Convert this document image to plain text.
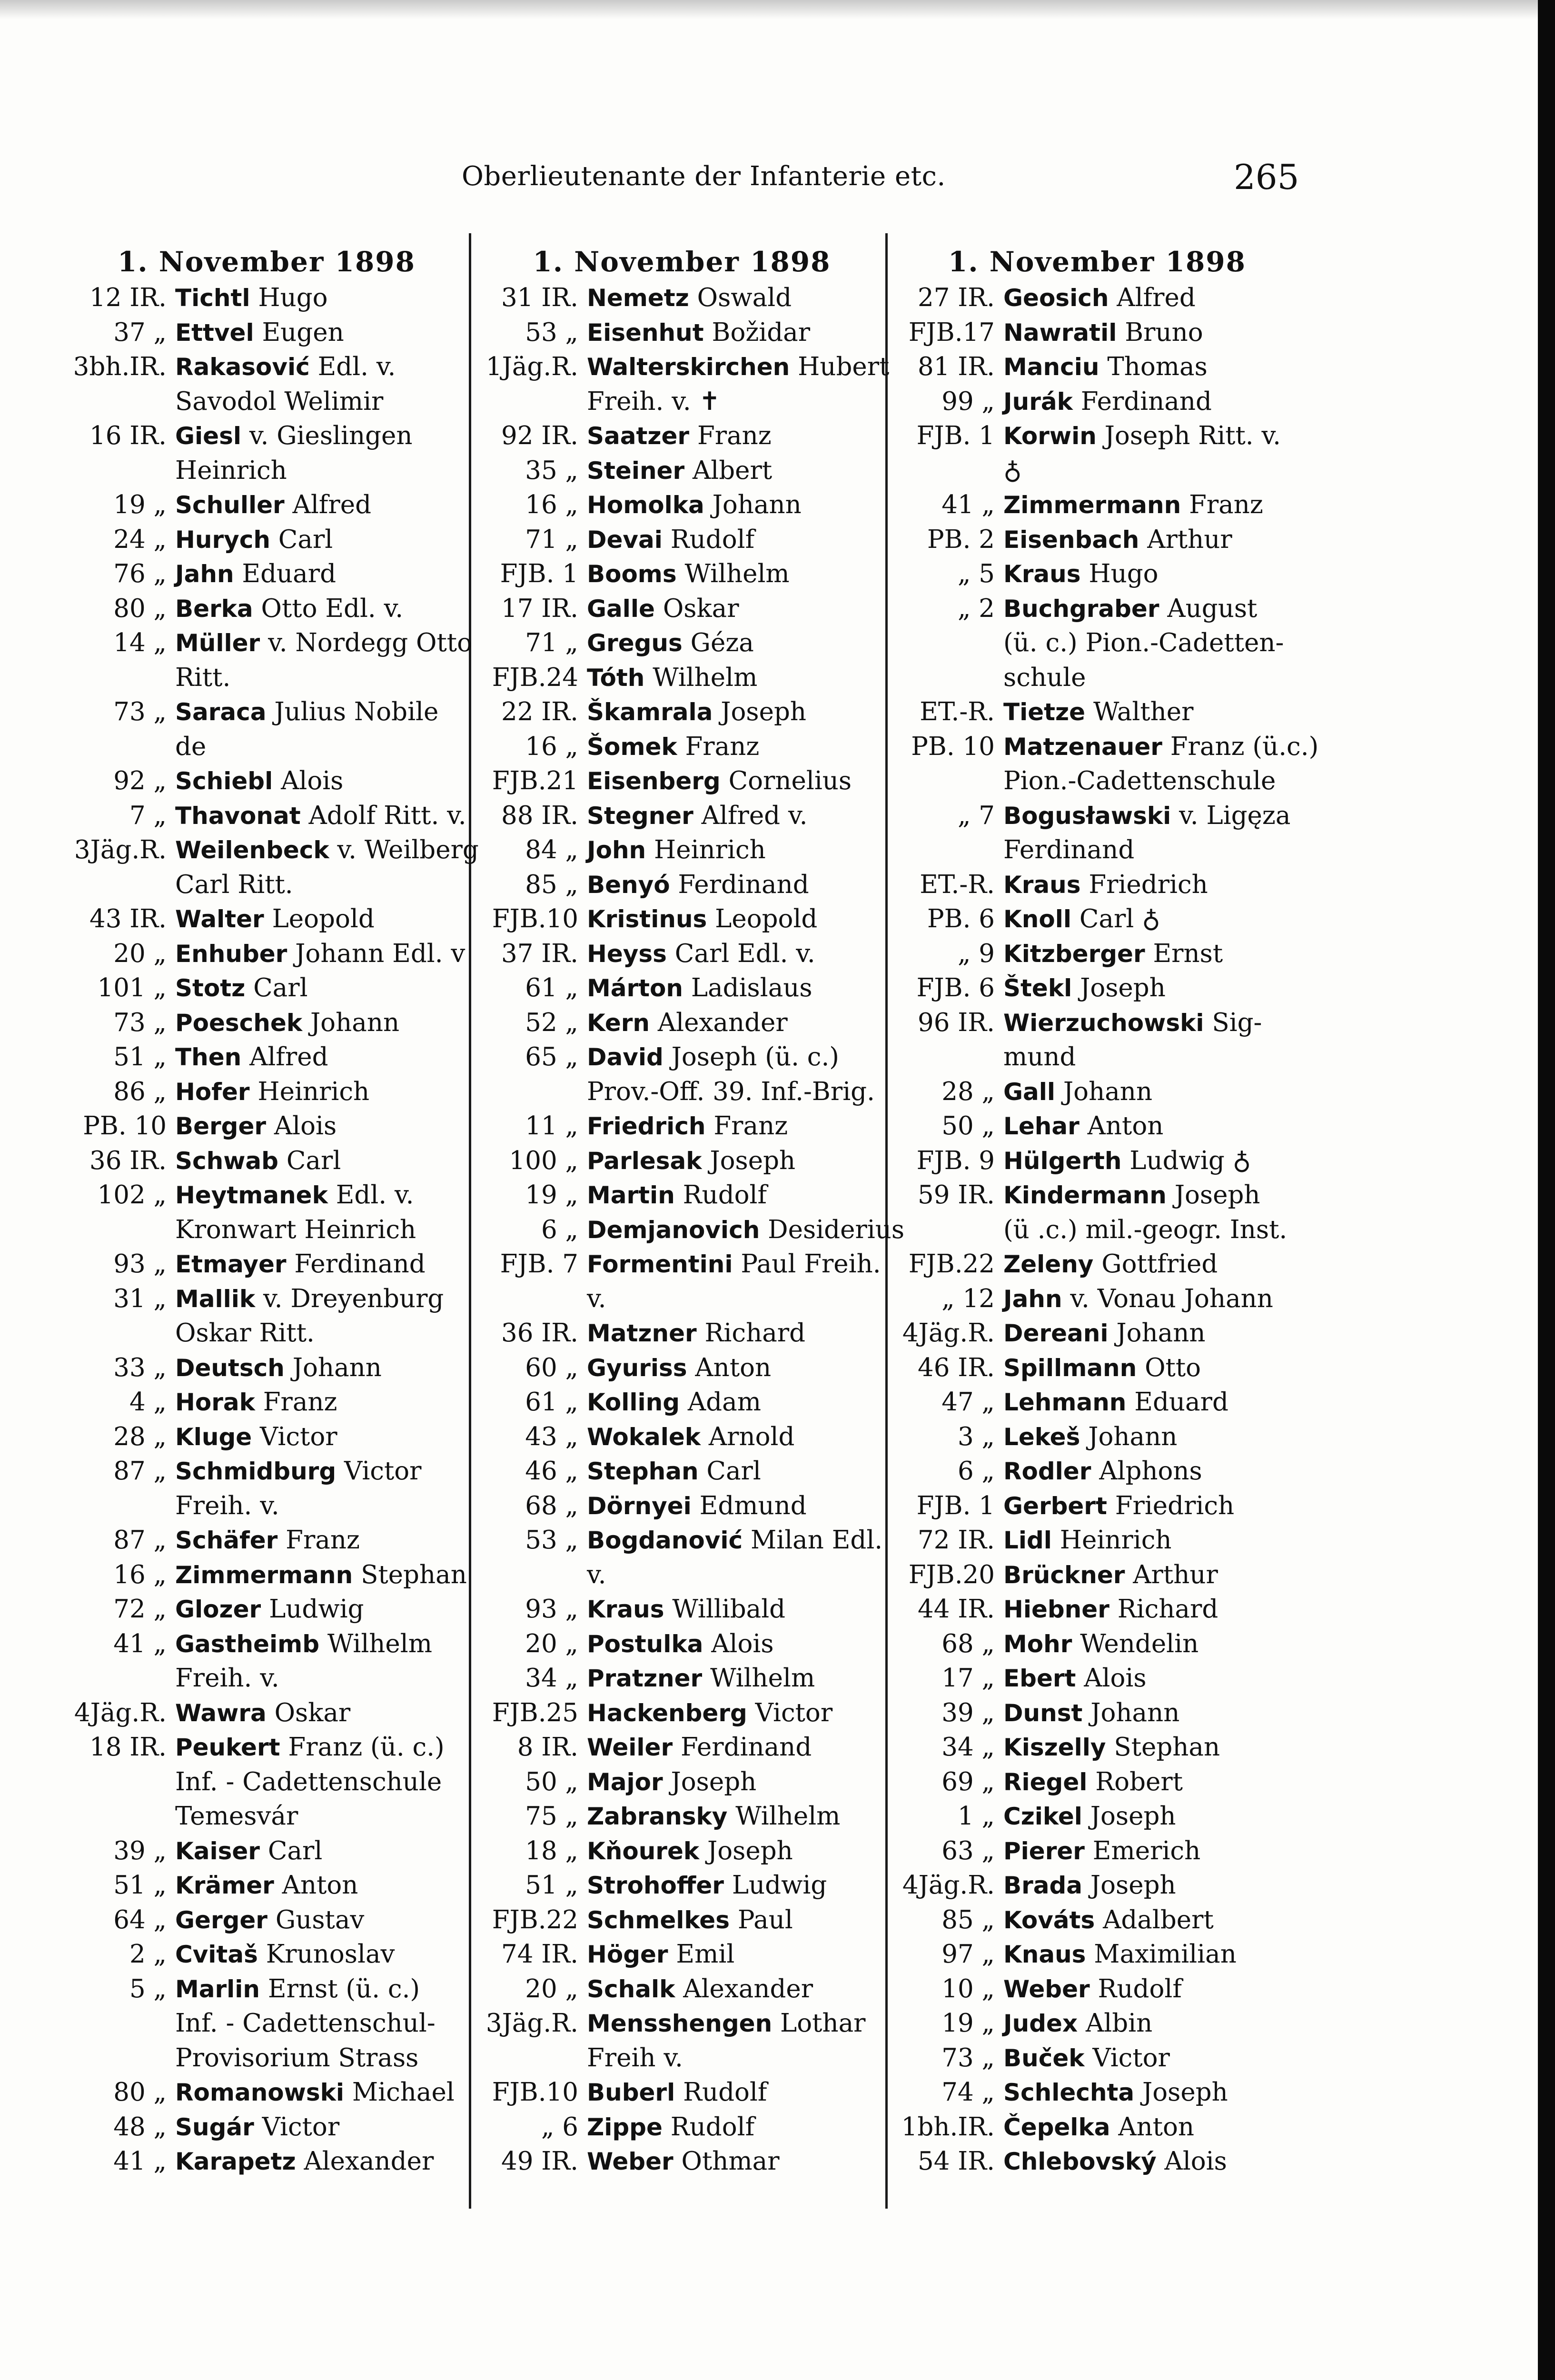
Oberlieutenante der Infanterie etc.	265
1. November 1898
12 IR. Tichtl Hugo
37 „ Ettvel Eugen
3bh.IR. Rakasović Edl. v.
Savodol Welimir
16 IR. Giesl v. Gieslingen
Heinrich
19 „ Schuller Alfred
24 „ Hurych Carl
76 „ Jahn Eduard
80 „ Berka Otto Edl. v.
14 „ Müller v. Nordegg Otto
Ritt.
73 „ Saraca Julius Nobile
de
92 „ Schiebl Alois
7 „ Thavonat Adolf Ritt. v.
3Jäg.R. Weilenbeck v. Weilberg
Carl Ritt.
43 IR. Walter Leopold
20 „ Enhuber Johann Edl. v
101 „ Stotz Carl
73 „ Poeschek Johann
51 „ Then Alfred
86 „ Hofer Heinrich
PB. 10 Berger Alois
36 IR. Schwab Carl
102 „ Heytmanek Edl. v.
Kronwart Heinrich
93 „ Etmayer Ferdinand
31 „ Mallik v. Dreyenburg
Oskar Ritt.
33 „ Deutsch Johann
4 „ Horak Franz
28 „ Kluge Victor
87 „ Schmidburg Victor
Freih. v.
87 „ Schäfer Franz
16 „ Zimmermann Stephan
72 „ Glozer Ludwig
41 „ Gastheimb Wilhelm
Freih. v.
4Jäg.R. Wawra Oskar
18 IR. Peukert Franz (ü. c.)
Inf. - Cadettenschule
Temesvár
39 „ Kaiser Carl
51 „ Krämer Anton
64 „ Gerger Gustav
2 „ Cvitaš Krunoslav
5 „ Marlin Ernst (ü. c.)
Inf. - Cadettenschul-
Provisorium Strass
80 „ Romanowski Michael
48 „ Sugár Victor
41 „ Karapetz Alexander
1. November 1898
31 IR. Nemetz Oswald
53 „ Eisenhut Božidar
1Jäg.R. Walterskirchen Hubert
Freih. v. ✝
92 IR. Saatzer Franz
35 „ Steiner Albert
16 „ Homolka Johann
71 „ Devai Rudolf
FJB. 1 Booms Wilhelm
17 IR. Galle Oskar
71 „ Gregus Géza
FJB.24 Tóth Wilhelm
22 IR. Škamrala Joseph
16 „ Šomek Franz
FJB.21 Eisenberg Cornelius
88 IR. Stegner Alfred v.
84 „ John Heinrich
85 „ Benyó Ferdinand
FJB.10 Kristinus Leopold
37 IR. Heyss Carl Edl. v.
61 „ Márton Ladislaus
52 „ Kern Alexander
65 „ David Joseph (ü. c.)
Prov.-Off. 39. Inf.-Brig.
11 „ Friedrich Franz
100 „ Parlesak Joseph
19 „ Martin Rudolf
6 „ Demjanovich Desiderius
FJB. 7 Formentini Paul Freih.
v.
36 IR. Matzner Richard
60 „ Gyuriss Anton
61 „ Kolling Adam
43 „ Wokalek Arnold
46 „ Stephan Carl
68 „ Dörnyei Edmund
53 „ Bogdanović Milan Edl.
v.
93 „ Kraus Willibald
20 „ Postulka Alois
34 „ Pratzner Wilhelm
FJB.25 Hackenberg Victor
8 IR. Weiler Ferdinand
50 „ Major Joseph
75 „ Zabransky Wilhelm
18 „ Kňourek Joseph
51 „ Strohoffer Ludwig
FJB.22 Schmelkes Paul
74 IR. Höger Emil
20 „ Schalk Alexander
3Jäg.R. Mensshengen Lothar
Freih v.
FJB.10 Buberl Rudolf
„ 6 Zippe Rudolf
49 IR. Weber Othmar
1. November 1898
27 IR. Geosich Alfred
FJB.17 Nawratil Bruno
81 IR. Manciu Thomas
99 „ Jurák Ferdinand
FJB. 1 Korwin Joseph Ritt. v.
♁
41 „ Zimmermann Franz
PB. 2 Eisenbach Arthur
„ 5 Kraus Hugo
„ 2 Buchgraber August
(ü. c.) Pion.-Cadetten-
schule
ET.-R. Tietze Walther
PB. 10 Matzenauer Franz (ü.c.)
Pion.-Cadettenschule
„ 7 Bogusławski v. Ligęza
Ferdinand
ET.-R. Kraus Friedrich
PB. 6 Knoll Carl ♁
„ 9 Kitzberger Ernst
FJB. 6 Štekl Joseph
96 IR. Wierzuchowski Sig-
mund
28 „ Gall Johann
50 „ Lehar Anton
FJB. 9 Hülgerth Ludwig ♁
59 IR. Kindermann Joseph
(ü .c.) mil.-geogr. Inst.
FJB.22 Zeleny Gottfried
„ 12 Jahn v. Vonau Johann
4Jäg.R. Dereani Johann
46 IR. Spillmann Otto
47 „ Lehmann Eduard
3 „ Lekeš Johann
6 „ Rodler Alphons
FJB. 1 Gerbert Friedrich
72 IR. Lidl Heinrich
FJB.20 Brückner Arthur
44 IR. Hiebner Richard
68 „ Mohr Wendelin
17 „ Ebert Alois
39 „ Dunst Johann
34 „ Kiszelly Stephan
69 „ Riegel Robert
1 „ Czikel Joseph
63 „ Pierer Emerich
4Jäg.R. Brada Joseph
85 „ Kováts Adalbert
97 „ Knaus Maximilian
10 „ Weber Rudolf
19 „ Judex Albin
73 „ Buček Victor
74 „ Schlechta Joseph
1bh.IR. Čepelka Anton
54 IR. Chlebovský Alois
